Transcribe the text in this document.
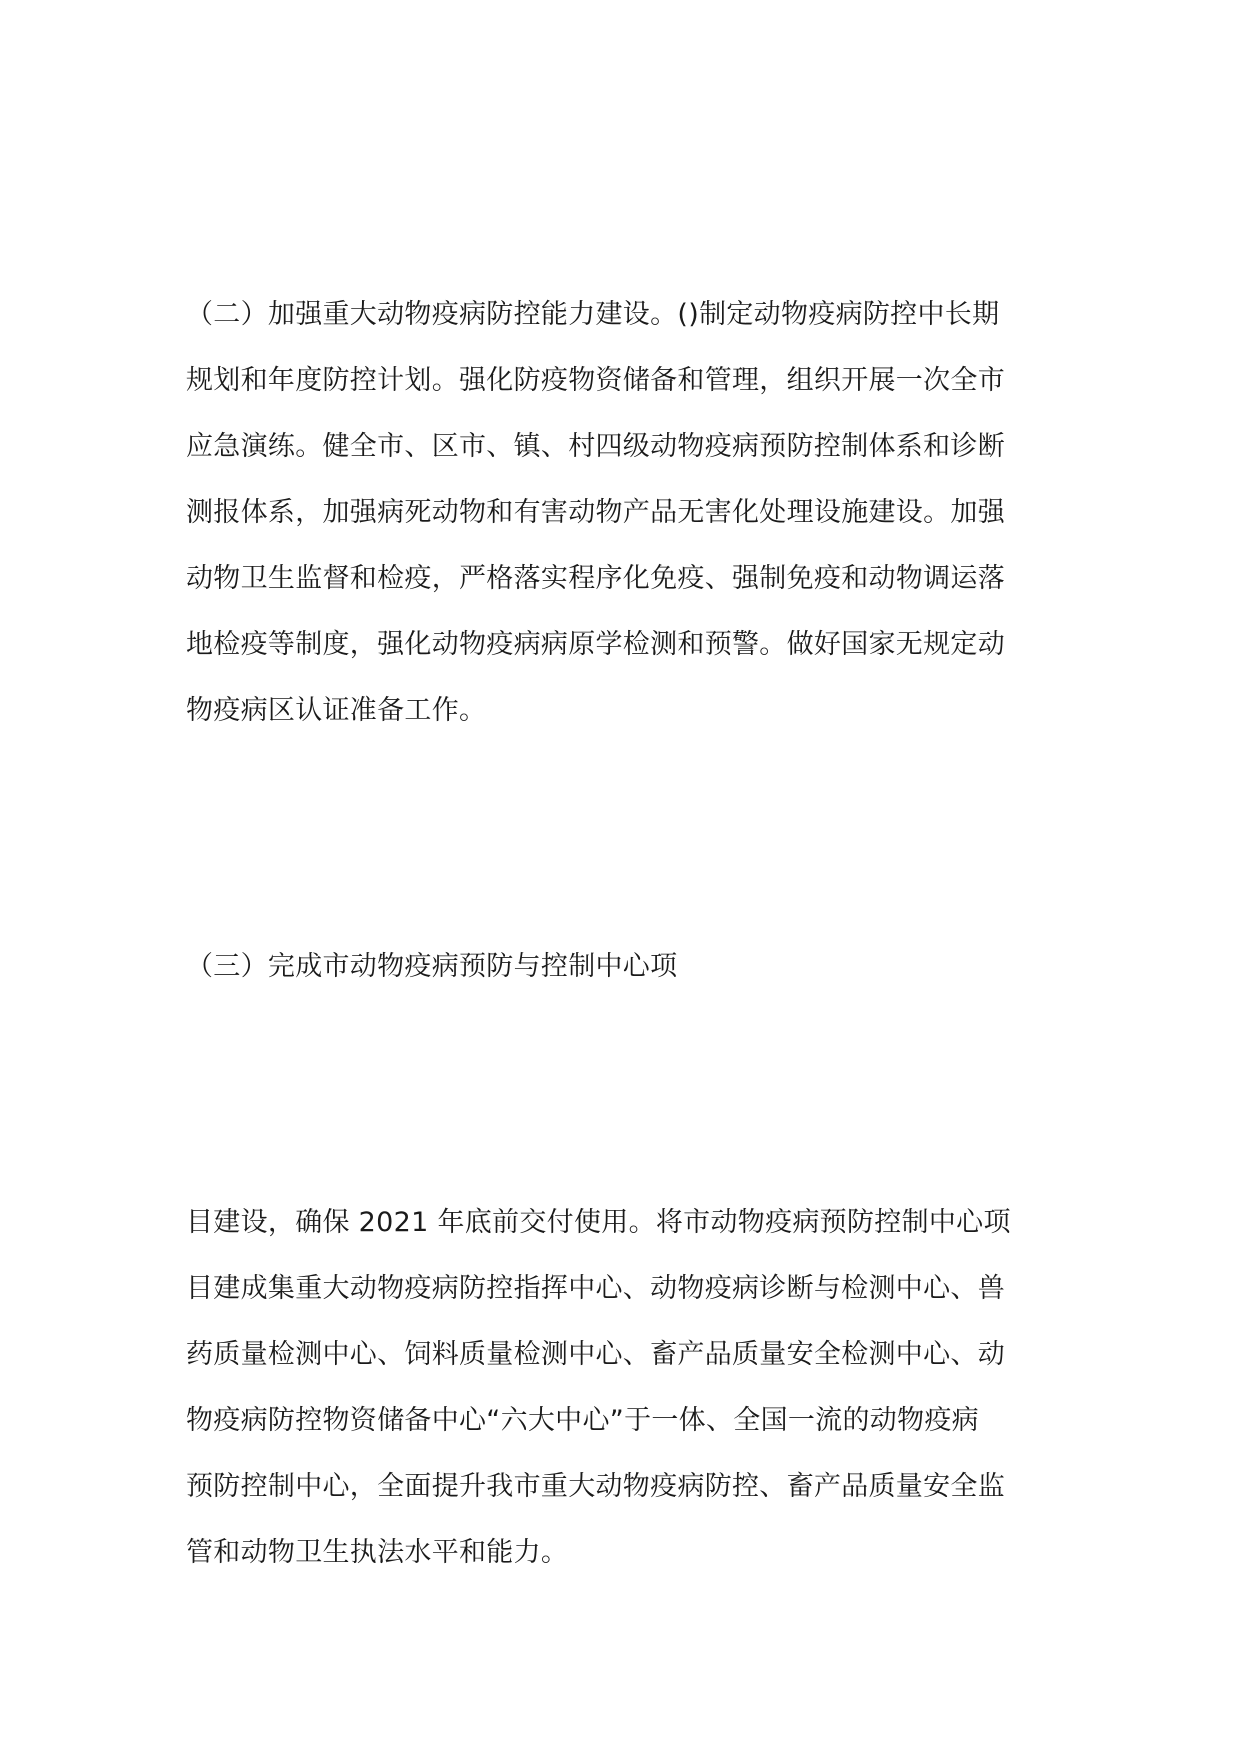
（二）加强重大动物疫病防控能力建设。()制定动物疫病防控中长期
规划和年度防控计划。强化防疫物资储备和管理，组织开展一次全市
应急演练。健全市、区市、镇、村四级动物疫病预防控制体系和诊断
测报体系，加强病死动物和有害动物产品无害化处理设施建设。加强
动物卫生监督和检疫，严格落实程序化免疫、强制免疫和动物调运落
地检疫等制度，强化动物疫病病原学检测和预警。做好国家无规定动
物疫病区认证准备工作。
（三）完成市动物疫病预防与控制中心项
目建设，确保 2021 年底前交付使用。将市动物疫病预防控制中心项
目建成集重大动物疫病防控指挥中心、动物疫病诊断与检测中心、兽
药质量检测中心、饲料质量检测中心、畜产品质量安全检测中心、动
物疫病防控物资储备中心“六大中心”于一体、全国一流的动物疫病
预防控制中心，全面提升我市重大动物疫病防控、畜产品质量安全监
管和动物卫生执法水平和能力。
